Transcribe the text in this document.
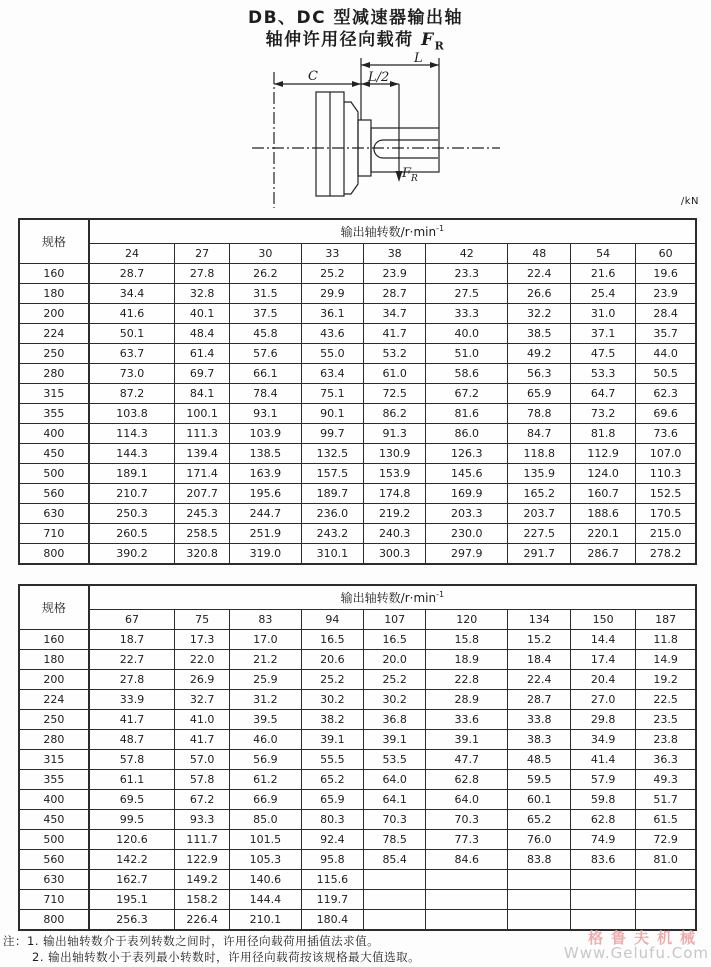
DB、DC 型减速器输出轴
轴伸许用径向载荷 $F_R$
C
L
L/2
F R
/kN
规格	输出轴转数$/r\cdot\min^{-1}$
	24	27	30	33	38	42	48	54	60
160	28.7	27.8	26.2	25.2	23.9	23.3	22.4	21.6	19.6
180	34.4	32.8	31.5	29.9	28.7	27.5	26.6	25.4	23.9
200	41.6	40.1	37.5	36.1	34.7	33.3	32.2	31.0	28.4
224	50.1	48.4	45.8	43.6	41.7	40.0	38.5	37.1	35.7
250	63.7	61.4	57.6	55.0	53.2	51.0	49.2	47.5	44.0
280	73.0	69.7	66.1	63.4	61.0	58.6	56.3	53.3	50.5
315	87.2	84.1	78.4	75.1	72.5	67.2	65.9	64.7	62.3
355	103.8	100.1	93.1	90.1	86.2	81.6	78.8	73.2	69.6
400	114.3	111.3	103.9	99.7	91.3	86.0	84.7	81.8	73.6
450	144.3	139.4	138.5	132.5	130.9	126.3	118.8	112.9	107.0
500	189.1	171.4	163.9	157.5	153.9	145.6	135.9	124.0	110.3
560	210.7	207.7	195.6	189.7	174.8	169.9	165.2	160.7	152.5
630	250.3	245.3	244.7	236.0	219.2	203.3	203.7	188.6	170.5
710	260.5	258.5	251.9	243.2	240.3	230.0	227.5	220.1	215.0
800	390.2	320.8	319.0	310.1	300.3	297.9	291.7	286.7	278.2
规格	输出轴转数$/r\cdot\min^{-1}$
	67	75	83	94	107	120	134	150	187
160	18.7	17.3	17.0	16.5	16.5	15.8	15.2	14.4	11.8
180	22.7	22.0	21.2	20.6	20.0	18.9	18.4	17.4	14.9
200	27.8	26.9	25.9	25.2	25.2	22.8	22.4	20.4	19.2
224	33.9	32.7	31.2	30.2	30.2	28.9	28.7	27.0	22.5
250	41.7	41.0	39.5	38.2	36.8	33.6	33.8	29.8	23.5
280	48.7	41.7	46.0	39.1	39.1	39.1	38.3	34.9	23.8
315	57.8	57.0	56.9	55.5	53.5	47.7	48.5	41.4	36.3
355	61.1	57.8	61.2	65.2	64.0	62.8	59.5	57.9	49.3
400	69.5	67.2	66.9	65.9	64.1	64.0	60.1	59.8	51.7
450	99.5	93.3	85.0	80.3	70.3	70.3	65.2	62.8	61.5
500	120.6	111.7	101.5	92.4	78.5	77.3	76.0	74.9	72.9
560	142.2	122.9	105.3	95.8	85.4	84.6	83.8	83.6	81.0
630	162.7	149.2	140.6	115.6					
710	195.1	158.2	144.4	119.7					
800	256.3	226.4	210.1	180.4					
注：1. 输出轴转数介于表列转数之间时，许用径向载荷用插值法求值。
2. 输出轴转数小于表列最小转数时，许用径向载荷按该规格最大值选取。
格鲁夫机械
Www.Gelufu.Com
